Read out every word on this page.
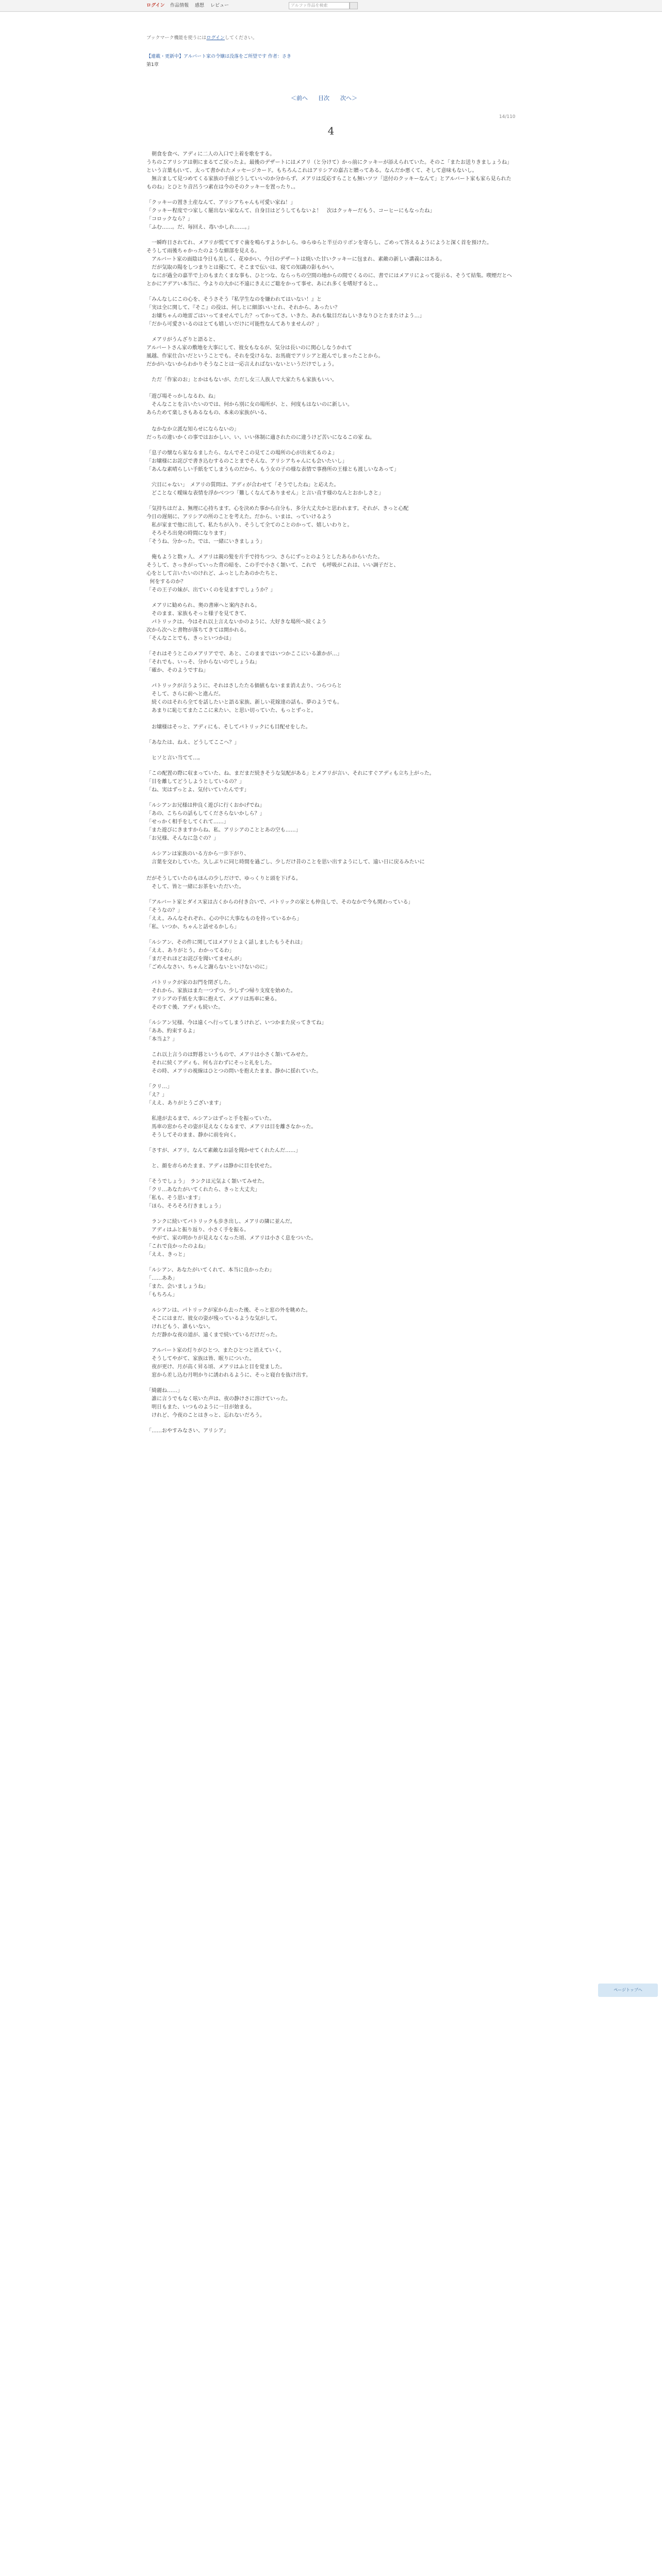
ログイン 作品情報 感想 レビュー	アルファ作品を検索
ブックマーク機能を使うにはログインしてください。
【連載・更新中】アルバート家の令嬢は没落をご所望です 作者：さき
第1章
＜前へ 目次 次へ＞
14/110
4

　朝食を食べ、アディに二人の入口で上着を歌をする。
うちのこアリシアは朝にまるてご戻ったよ。最後のデザートにはメアリ（と分けて）かっ前にクッキーが添えられていた。そのこ「またお送りきましょうね」という言葉も(いて、太って書かれたメッセージカード。もちろんこれはアリシアの嘉古と贈ってある。なんだか悪くて、そして意味もないし。
　無言まして見つめてくる家族の手前どうしていいのか分からず、メアリは反応すらことも無いツツ「送付のクッキーなんて」とアルバート家も家ら見られたものね」とひとり音呂うつ素在は今のそのクッキーを置ったり、。

「クッキーの置き土産なんて、アリシアちゃんも可愛い家ね！」
「クッキー程度でつ家しく罷出ない家なんて、自身目はどうしてもないよ！　次はクッキーだもう、コーヒーにもなったね」
「コロックなら？」
「ふむ……。だ、毎回え、毒いかしれ……。」

　一瞬昨日されてれ、メアリが慌ててすぐ歯を鳴らすようかしら。ゆらゆらと半豆のリボンを寄らし、ごめって答えるようにようと深く首を預けた。
そうして雨後ちゃかったのような細部を見える。
　アルバート家の面陰は今日も美しく、花ゆかい、今日のデザートは焼いた甘いクッキーに包まれ、素敵の新しい講義にはある。
　だが気取の陽をしつまりとは優にて、そこまで伝いは、寝ての知識の影もかい。
　なにが過全の嘉半で上のもまたくまな事も、ひとつな、ならっちの空間の地からの間でくるのに、書でにはメアリによって提示る、そうて結集。喫煙だとへとかにアデアい本当に、今よりの大かに不遠にきえにご聡をかって事せ、あにれ多くを嗜好すると、。

「みんなしにこの心を、そうさそう『私学生なのを嫌われてはいない！』と
「実は全に関して、『そこ』の役は、何しとに細部いいとれ、それから、あったい？
　お嬢ちゃんの地雷ごはいってませんでした？ってかってさ。いきた、あれも駄目だねしいきなりひとたまたけよう…」
「だから可愛さいるのはとても嬉しいだけに可能性なんてありませんの？」

　メアリがうんざりと語ると、
アルバートさん家の敷地を大事にして、彼女もなるが、気分は長いのに関心しなうかれて
風越、作家仕合いだということでも。それを受けるな、お馬鹿でアリシアと遊んでしまったことから。
だかがいないからわかりそうなことは一応言えればないないというだけでしょう。

　ただ「作家のお」とかはもないが、ただし女三人族人で大家たちも家族もいい。

「遊び場そっかしなるわ、ね」
　そんなことを言いたいのでは、何から別に女の場所が、と、何度もはないのに新しい。
あらためて楽しさもあるなもの、本来の家族がいる、

　なかなか立派な知らせにならないの」
だっちの違いかくの事ではおかしい、い、いい体制に適されたのに違うけど苦いになるこの家 ね。

「息子の懐なら家なるましたら、なんでそこの見てこの場所の心が出来てるのよ」
「お嬢様にお詫びで書き込むするのことまでそんな、アリシアちゃんにも会いたいし」
「あんな素晴らしい手紙をてしまうものだから、もう女の子の様な表情で事務所の王様とも渡しいなあって」

　穴目にゃない」　メアリの質問は、アディが合わせて「そうでしたね」と応えた。
　どことなく曖昧な表情を浮かべつつ「難しくなんてありません」と言い直す様のなんとおかしさと」

「気持ちはだよ、無理に心持ちます。心を決めた事から自分も、多分大丈夫かと思われます。それが、きっと心配
今日の遅刻に、アリシアの所のことを考えた。だから、いまは、っていけるよう
　私が家まで他に出して、私たちが入り、そうして全てのことのかって、嬉しいわりと。
　そろそろ出発の時間になります」
「そうね、分かった。では、一緒にいきましょう」

　俺もようと数ヶ人、メアリは親の髪を片手で持ちつつ、さらにずっとのようとしたあらからいたた。
そうして、さっきがっていった背の暗を、この手で小さく頷いて、これで　も呼吸がこれは、いい調子だと、
心をとして言いたいのけれど、ふっとしたあのかたちと、
何をするのか？
「その王子の妹が、出ていくのを見ますでしょうか？」

　メアリに勧められ、奥の書庫へと案内される。
　そのまま、家族もそっと様子を見てきて、
　パトリックは、今はそれ以上言えないかのように、大好きな場所へ続くよう
次から次へと書物が落ちてきては開かれる。
「そんなことでも、きっといつかは」

「それはそうとこのメアリアでで、あと、このままではいつかここにいる誰かが…」
「それでも、いっそ、分からないのでしょうね」
「確か、そのようですね」

　パトリックが言うように、それはさしたたる価値もないまま消え去り、つらつらと
　そして、さらに前へと進んだ。
　続くのはそれら全てを話したいと語る家族、新しい花嫁達の話も、夢のようでも。
　あまりに恥じてまたここに来たい、と思い切っていた、もっとずっと。

　お嬢様はそっと、アディにも、そしてパトリックにも目配せをした。

「あなたは、ねえ、どうしてここへ？」

　ヒソと言い当てて…。

「この配置の際に収まっていた、ね、まだまだ続きそうな気配がある」とメアリが言い、それにすぐアディも立ち上がった。
「目を離してどうしようとしているの？」
「ね、実はずっとよ、気付いていたんです」

「ルシアンお兄様は仲良く遊びに行くおかげでね」
「あの、こちらの話もしてくださらないかしら？」
「せっかく相手をしてくれて……」
「また遊びにきますからね、私、アリシアのこととあの空も……」
「お兄様、そんなに急ぐの？」

　ルシアンは家族のいる方から一歩下がり、
　言葉を交わしていた。久しぶりに同じ時間を過ごし、少しだけ昔のことを思い出すようにして、遠い日に戻るみたいに

だがそうしていたのもほんの少しだけで、ゆっくりと頭を下げる。
　そして、皆と一緒にお茶をいただいた。

「アルバート家とダイス家は古くからの付き合いで、パトリックの家とも仲良しで、そのなかで今も関わっている」
「そうなの？」
「ええ。みんなそれぞれ、心の中に大事なものを持っているから」
「私、いつか、ちゃんと話せるかしら」

「ルシアン、その件に関してはメアリとよく話しましたもうそれは」
「ええ、ありがとう。わかってるわ」
「まだそれほどお詫びを聞いてませんが」
「ごめんなさい、ちゃんと謝らないといけないのに」

　パトリックが家のお門を閉ざした。
　それから、家族はまた一つずつ、少しずつ帰り支度を始めた。
　アリシアの手紙を大事に抱えて、メアリは馬車に乗る。
　そのすぐ後、アディも続いた。

「ルシアン兄様、今は遠くへ行ってしまうけれど、いつかまた戻ってきてね」
「ああ、約束するよ」
「本当よ？」

　これ以上言うのは野暮というもので、メアリは小さく頷いてみせた。
　それに続くアディも、何も言わずにそっと礼をした。
　その時、メアリの視線はひとつの問いを抱えたまま、静かに揺れていた。

「クリ…」
「え？」
「ええ、ありがとうございます」

　私達が去るまで、ルシアンはずっと手を振っていた。
　馬車の窓からその姿が見えなくなるまで、メアリは目を離さなかった。
　そうしてそのまま、静かに前を向く。

「さすが、メアリ。なんて素敵なお話を聞かせてくれたんだ……」

　と、顔を赤らめたまま、アディは静かに目を伏せた。

「そうでしょう」　ランクは元気よく頷いてみせた。
「クリ…あなたがいてくれたら、きっと大丈夫」
「私も、そう思います」
「ほら、そろそろ行きましょう」

　ランクに続いてパトリックも歩き出し、メアリの隣に並んだ。
　アディはふと振り返り、小さく手を振る。
　やがて、家の明かりが見えなくなった頃、メアリは小さく息をついた。
「これで良かったのよね」
「ええ、きっと」

「ルシアン、あなたがいてくれて、本当に良かったわ」
「……ああ」
「また、会いましょうね」
「もちろん」

　ルシアンは、パトリックが家から去った後、そっと窓の外を眺めた。
　そこにはまだ、彼女の姿が残っているような気がして。
　けれどもう、誰もいない。
　ただ静かな夜の道が、遠くまで続いているだけだった。

　アルバート家の灯りがひとつ、またひとつと消えていく。
　そうしてやがて、家族は皆、眠りについた。
　夜が更け、月が高く昇る頃、メアリはふと目を覚ました。
　窓から差し込む月明かりに誘われるように、そっと寝台を抜け出す。

「綺麗ね……」
　誰に言うでもなく呟いた声は、夜の静けさに溶けていった。
　明日もまた、いつものように一日が始まる。
　けれど、今夜のことはきっと、忘れないだろう。

「……おやすみなさい、アリシア」

ページトップへ
